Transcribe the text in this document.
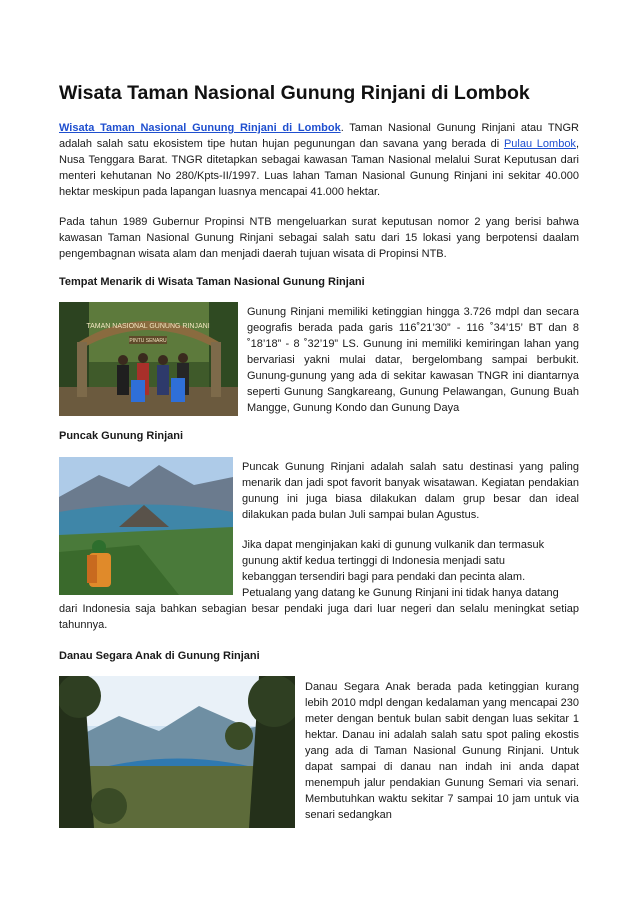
Wisata Taman Nasional Gunung Rinjani di Lombok
Wisata Taman Nasional Gunung Rinjani di Lombok. Taman Nasional Gunung Rinjani atau TNGR adalah salah satu ekosistem tipe hutan hujan pegunungan dan savana yang berada di Pulau Lombok, Nusa Tenggara Barat. TNGR ditetapkan sebagai kawasan Taman Nasional melalui Surat Keputusan dari menteri kehutanan No 280/Kpts-II/1997. Luas lahan Taman Nasional Gunung Rinjani ini sekitar 40.000 hektar meskipun pada lapangan luasnya mencapai 41.000 hektar.
Pada tahun 1989 Gubernur Propinsi NTB mengeluarkan surat keputusan nomor 2 yang berisi bahwa kawasan Taman Nasional Gunung Rinjani sebagai salah satu dari 15 lokasi yang berpotensi daalam pengembagnan wisata alam dan menjadi daerah tujuan wisata di Propinsi NTB.
Tempat Menarik di Wisata Taman Nasional Gunung Rinjani
TAMAN NASIONAL GUNUNG RINJANI
PINTU SENARU
Gunung Rinjani memiliki ketinggian hingga 3.726 mdpl dan secara geografis berada pada garis 116˚21’30” - 116 ˚34’15’ BT dan 8 ˚18’18” - 8 ˚32’19” LS. Gunung ini memiliki kemiringan lahan yang bervariasi yakni mulai datar, bergelombang sampai berbukit. Gunung-gunung yang ada di sekitar kawasan TNGR ini diantarnya seperti Gunung Sangkareang, Gunung Pelawangan, Gunung Buah Mangge, Gunung Kondo dan Gunung Daya
Puncak Gunung Rinjani
Puncak Gunung Rinjani adalah salah satu destinasi yang paling menarik dan jadi spot favorit banyak wisatawan. Kegiatan pendakian gunung ini juga biasa dilakukan dalam grup besar dan ideal dilakukan pada bulan Juli sampai bulan Agustus.
Jika dapat menginjakan kaki di gunung vulkanik dan termasuk
gunung aktif kedua tertinggi di Indonesia menjadi satu
kebanggan tersendiri bagi para pendaki dan pecinta alam.
Petualang yang datang ke Gunung Rinjani ini tidak hanya datang
dari Indonesia saja bahkan sebagian besar pendaki juga dari luar negeri dan selalu meningkat setiap tahunnya.
Danau Segara Anak di Gunung Rinjani
Danau Segara Anak berada pada ketinggian kurang lebih 2010 mdpl dengan kedalaman yang mencapai 230 meter dengan bentuk bulan sabit dengan luas sekitar 1 hektar. Danau ini adalah salah satu spot paling ekostis yang ada di Taman Nasional Gunung Rinjani. Untuk dapat sampai di danau nan indah ini anda dapat menempuh jalur pendakian Gunung Semari via senari. Membutuhkan waktu sekitar 7 sampai 10 jam untuk via senari sedangkan
